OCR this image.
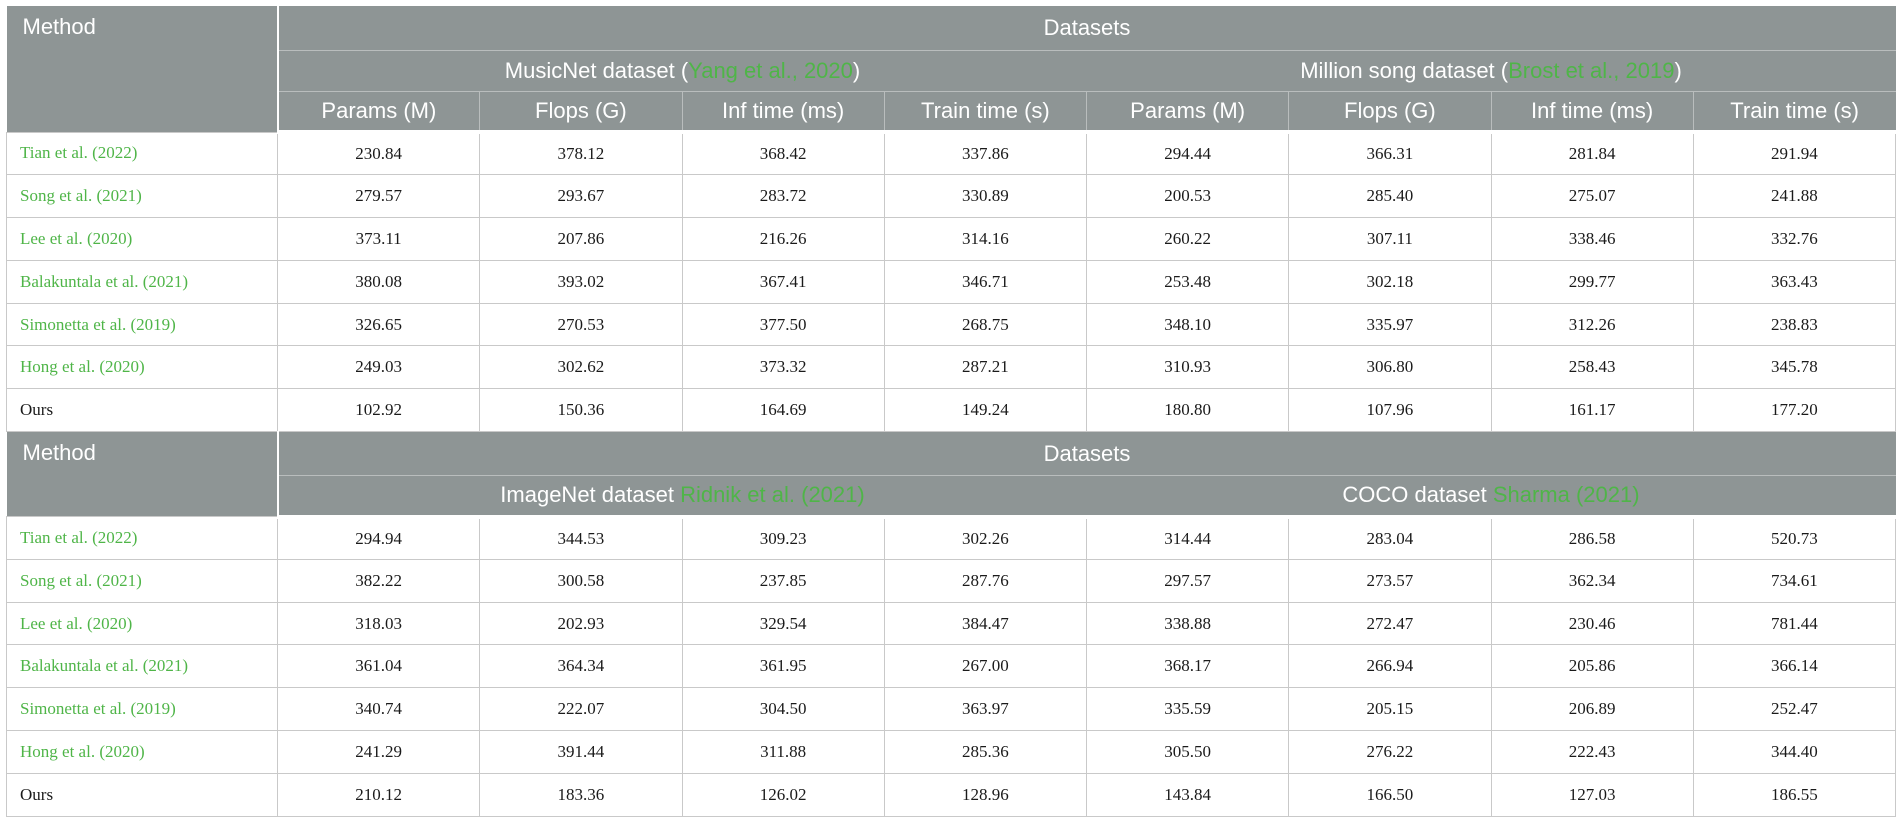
Method	Datasets							
	MusicNet dataset (Yang et al., 2020)				Million song dataset (Brost et al., 2019)			
	Params (M)	Flops (G)	Inf time (ms)	Train time (s)	Params (M)	Flops (G)	Inf time (ms)	Train time (s)
Tian et al. (2022)	230.84	378.12	368.42	337.86	294.44	366.31	281.84	291.94
Song et al. (2021)	279.57	293.67	283.72	330.89	200.53	285.40	275.07	241.88
Lee et al. (2020)	373.11	207.86	216.26	314.16	260.22	307.11	338.46	332.76
Balakuntala et al. (2021)	380.08	393.02	367.41	346.71	253.48	302.18	299.77	363.43
Simonetta et al. (2019)	326.65	270.53	377.50	268.75	348.10	335.97	312.26	238.83
Hong et al. (2020)	249.03	302.62	373.32	287.21	310.93	306.80	258.43	345.78
Ours	102.92	150.36	164.69	149.24	180.80	107.96	161.17	177.20
Method	Datasets							
	ImageNet dataset Ridnik et al. (2021)				COCO dataset Sharma (2021)			
Tian et al. (2022)	294.94	344.53	309.23	302.26	314.44	283.04	286.58	520.73
Song et al. (2021)	382.22	300.58	237.85	287.76	297.57	273.57	362.34	734.61
Lee et al. (2020)	318.03	202.93	329.54	384.47	338.88	272.47	230.46	781.44
Balakuntala et al. (2021)	361.04	364.34	361.95	267.00	368.17	266.94	205.86	366.14
Simonetta et al. (2019)	340.74	222.07	304.50	363.97	335.59	205.15	206.89	252.47
Hong et al. (2020)	241.29	391.44	311.88	285.36	305.50	276.22	222.43	344.40
Ours	210.12	183.36	126.02	128.96	143.84	166.50	127.03	186.55
